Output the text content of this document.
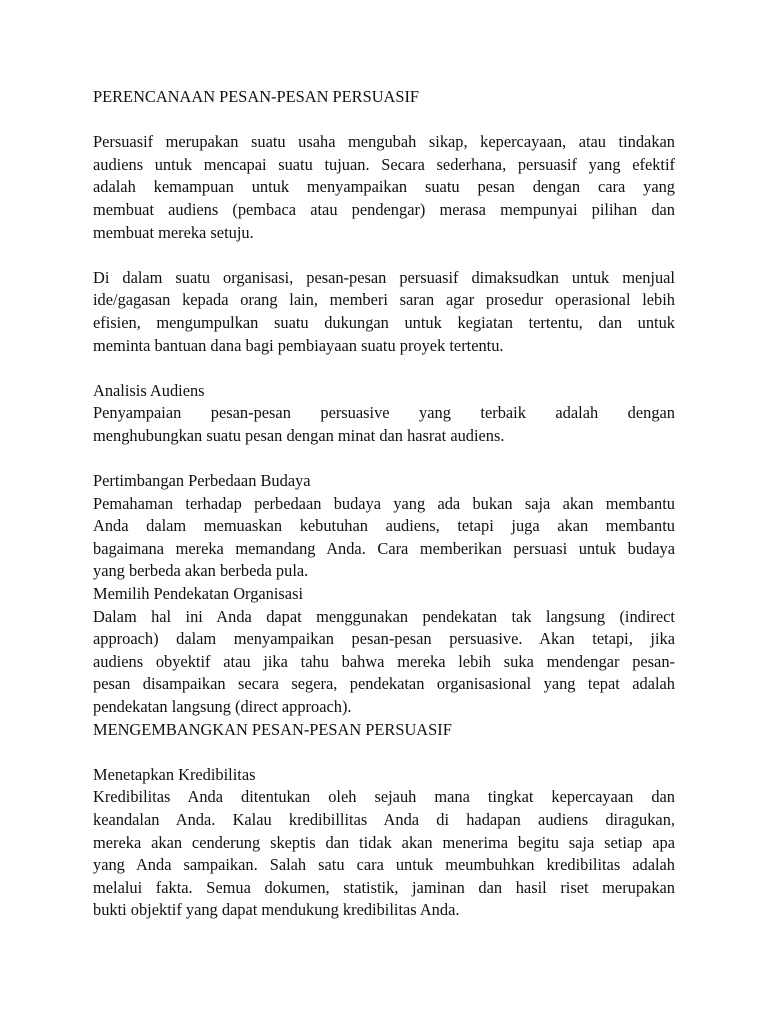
PERENCANAAN PESAN-PESAN PERSUASIF
Persuasif merupakan suatu usaha mengubah sikap, kepercayaan, atau tindakan
audiens untuk mencapai suatu tujuan. Secara sederhana, persuasif yang efektif
adalah kemampuan untuk menyampaikan suatu pesan dengan cara yang
membuat audiens (pembaca atau pendengar) merasa mempunyai pilihan dan
membuat mereka setuju.
Di dalam suatu organisasi, pesan-pesan persuasif dimaksudkan untuk menjual
ide/gagasan kepada orang lain, memberi saran agar prosedur operasional lebih
efisien, mengumpulkan suatu dukungan untuk kegiatan tertentu, dan untuk
meminta bantuan dana bagi pembiayaan suatu proyek tertentu.
Analisis Audiens
Penyampaian pesan-pesan persuasive yang terbaik adalah dengan
menghubungkan suatu pesan dengan minat dan hasrat audiens.
Pertimbangan Perbedaan Budaya
Pemahaman terhadap perbedaan budaya yang ada bukan saja akan membantu
Anda dalam memuaskan kebutuhan audiens, tetapi juga akan membantu
bagaimana mereka memandang Anda. Cara memberikan persuasi untuk budaya
yang berbeda akan berbeda pula.
Memilih Pendekatan Organisasi
Dalam hal ini Anda dapat menggunakan pendekatan tak langsung (indirect
approach) dalam menyampaikan pesan-pesan persuasive. Akan tetapi, jika
audiens obyektif atau jika tahu bahwa mereka lebih suka mendengar pesan-
pesan disampaikan secara segera, pendekatan organisasional yang tepat adalah
pendekatan langsung (direct approach).
MENGEMBANGKAN PESAN-PESAN PERSUASIF
Menetapkan Kredibilitas
Kredibilitas Anda ditentukan oleh sejauh mana tingkat kepercayaan dan
keandalan Anda. Kalau kredibillitas Anda di hadapan audiens diragukan,
mereka akan cenderung skeptis dan tidak akan menerima begitu saja setiap apa
yang Anda sampaikan. Salah satu cara untuk meumbuhkan kredibilitas adalah
melalui fakta. Semua dokumen, statistik, jaminan dan hasil riset merupakan
bukti objektif yang dapat mendukung kredibilitas Anda.
